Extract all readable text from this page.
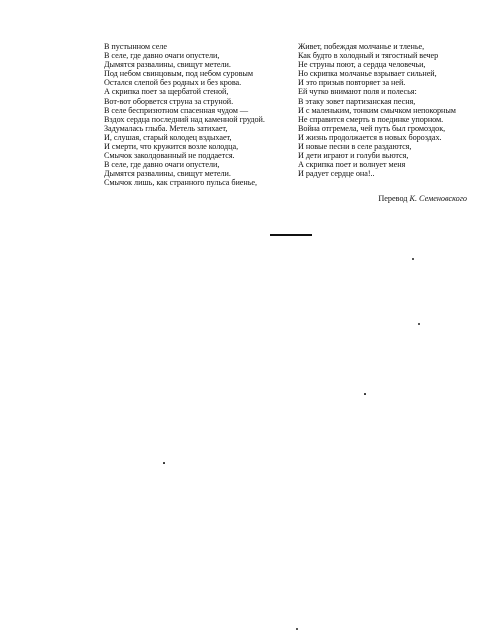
В пустынном селе
В селе, где давно очаги опустели,
Дымятся развалины, свищут метели.
Под небом свинцовым, под небом суровым
Остался слепой без родных и без крова.
А скрипка поет за щербатой стеной,
Вот-вот оборвется струна за струной.
В селе беспризютном спасенная чудом —
Вздох сердца последний над каменной грудой.
Задумалась глыба. Метель затихает,
И, слушая, старый колодец вздыхает,
И смерти, что кружится возле колодца,
Смычок заколдованный не поддается.
В селе, где давно очаги опустели,
Дымятся развалины, свищут метели.
Смычок лишь, как странного пульса биенье,
Живет, побеждая молчанье и тленье,
Как будто в холодный и тягостный вечер
Не струны поют, а сердца человечьи,
Но скрипка молчанье взрывает сильней,
И это призыв повторяет за ней.
Ей чутко внимают поля и полесья:
В этаку зовет партизанская песня,
И с маленьким, тонким смычком непокорным
Не справится смерть в поединке упорном.
Война отгремела, чей путь был громоздок,
И жизнь продолжается в новых бороздах.
И новые песни в селе раздаются,
И дети играют и голуби вьются,
А скрипка поет и волнует меня
И радует сердце она!..
Перевод К. Семеновского
